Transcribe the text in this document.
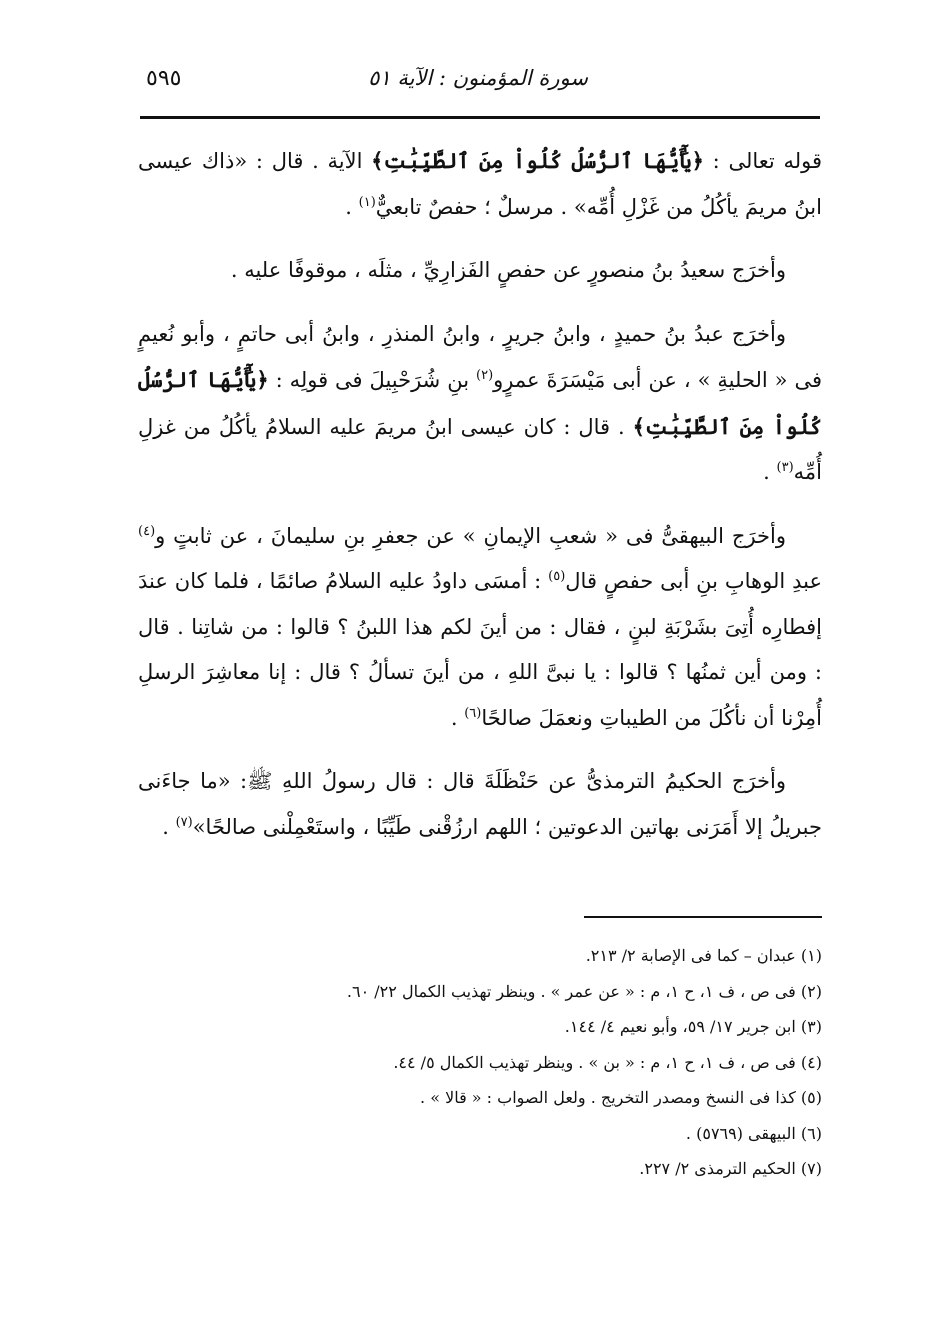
سورة المؤمنون : الآية ٥١
٥٩٥

قوله تعالى : ﴿يَٰٓأَيُّهَا ٱلرُّسُلُ كُلُواْ مِنَ ٱلطَّيِّبَٰتِ﴾ الآية . قال : «ذاك عيسى ابنُ مريمَ يأكُلُ من غَزْلِ أُمِّه» . مرسلٌ ؛ حفصٌ تابعيٌّ$^{(١)}$ .

وأخرَج سعيدُ بنُ منصورٍ عن حفصٍ الفَزارِيِّ ، مثلَه ، موقوفًا عليه .

وأخرَج عبدُ بنُ حميدٍ ، وابنُ جريرٍ ، وابنُ المنذرِ ، وابنُ أبى حاتمٍ ، وأبو نُعيمٍ فى « الحليةِ » ، عن أبى مَيْسَرَةَ عمرٍو$^{(٢)}$ بنِ شُرَحْبِيلَ فى قولِه : ﴿يَٰٓأَيُّهَا ٱلرُّسُلُ كُلُواْ مِنَ ٱلطَّيِّبَٰتِ﴾ . قال : كان عيسى ابنُ مريمَ عليه السلامُ يأكُلُ من غزلِ أُمِّه$^{(٣)}$ .

وأخرَج البيهقىُّ فى « شعبِ الإيمانِ » عن جعفرِ بنِ سليمانَ ، عن ثابتٍ و$^{(٤)}$ عبدِ الوهابِ بنِ أبى حفصٍ قال$^{(٥)}$ : أمسَى داودُ عليه السلامُ صائمًا ، فلما كان عندَ إفطارِه أُتِىَ بشَرْبَةِ لبنٍ ، فقال : من أينَ لكم هذا اللبنُ ؟ قالوا : من شاتِنا . قال : ومن أين ثمنُها ؟ قالوا : يا نبىَّ اللهِ ، من أينَ تسألُ ؟ قال : إنا معاشِرَ الرسلِ أُمِرْنا أن نأكُلَ من الطيباتِ ونعمَلَ صالحًا$^{(٦)}$ .

وأخرَج الحكيمُ الترمذىُّ عن حَنْظَلَةَ قال : قال رسولُ اللهِ ﷺ: «ما جاءَنى جبريلُ إلا أَمَرَنى بهاتين الدعوتين ؛ اللهم ارزُقْنى طَيِّبًا ، واستَعْمِلْنى صالحًا»$^{(٧)}$ .

(١) عبدان – كما فى الإصابة ٢/ ٢١٣.

(٢) فى ص ، ف ١، ح ١، م : « عن عمر » . وينظر تهذيب الكمال ٢٢/ ٦٠.

(٣) ابن جرير ١٧/ ٥٩، وأبو نعيم ٤/ ١٤٤.

(٤) فى ص ، ف ١، ح ١، م : « بن » . وينظر تهذيب الكمال ٥/ ٤٤.

(٥) كذا فى النسخ ومصدر التخريج . ولعل الصواب : « قالا » .

(٦) البيهقى (٥٧٦٩) .

(٧) الحكيم الترمذى ٢/ ٢٢٧.
